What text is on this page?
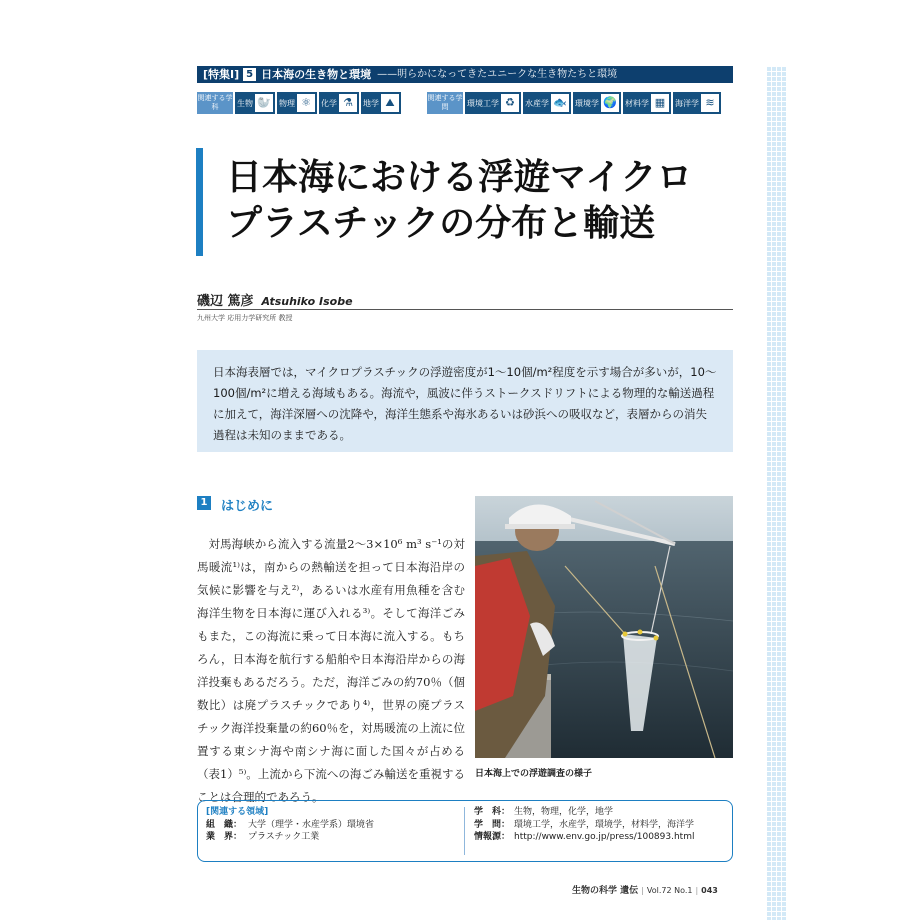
[特集Ⅰ] 5 日本海の生き物と環境 ——明らかになってきたユニークな生き物たちと環境
関連する学科	生物 🦭 物理 ⚛	化学 ⚗	地学 ⛰	関連する学問	環境工学 ♻	水産学 🐟 環境学 🌍 材料学 ▦	海洋学 ≋
日本海における浮遊マイクロ
プラスチックの分布と輸送
磯辺 篤彦 Atsuhiko Isobe
九州大学 応用力学研究所 教授

日本海表層では，マイクロプラスチックの浮遊密度が1～10個/m²程度を示す場合が多いが，10～100個/m²に増える海域もある。海流や，風波に伴うストークスドリフトによる物理的な輸送過程に加えて，海洋深層への沈降や，海洋生態系や海氷あるいは砂浜への吸収など，表層からの消失過程は未知のままである。

1 はじめに

対馬海峡から流入する流量2～3×10⁶ m³ s⁻¹の対馬暖流¹⁾は，南からの熱輸送を担って日本海沿岸の気候に影響を与え²⁾，あるいは水産有用魚種を含む海洋生物を日本海に運び入れる³⁾。そして海洋ごみもまた，この海流に乗って日本海に流入する。もちろん，日本海を航行する船舶や日本海沿岸からの海洋投棄もあるだろう。ただ，海洋ごみの約70％（個数比）は廃プラスチックであり⁴⁾，世界の廃プラスチック海洋投棄量の約60％を，対馬暖流の上流に位置する東シナ海や南シナ海に面した国々が占める（表1）⁵⁾。上流から下流への海ごみ輸送を重視することは合理的であろう。

日本海上での浮遊調査の様子
[関連する領域]
組　織： 大学（理学・水産学系）環境省
業　界： プラスチック工業
学　科： 生物，物理，化学，地学
学　問： 環境工学，水産学，環境学，材料学，海洋学
情報源： http://www.env.go.jp/press/100893.html
生物の科学 遺伝 | Vol.72 No.1 | 043
